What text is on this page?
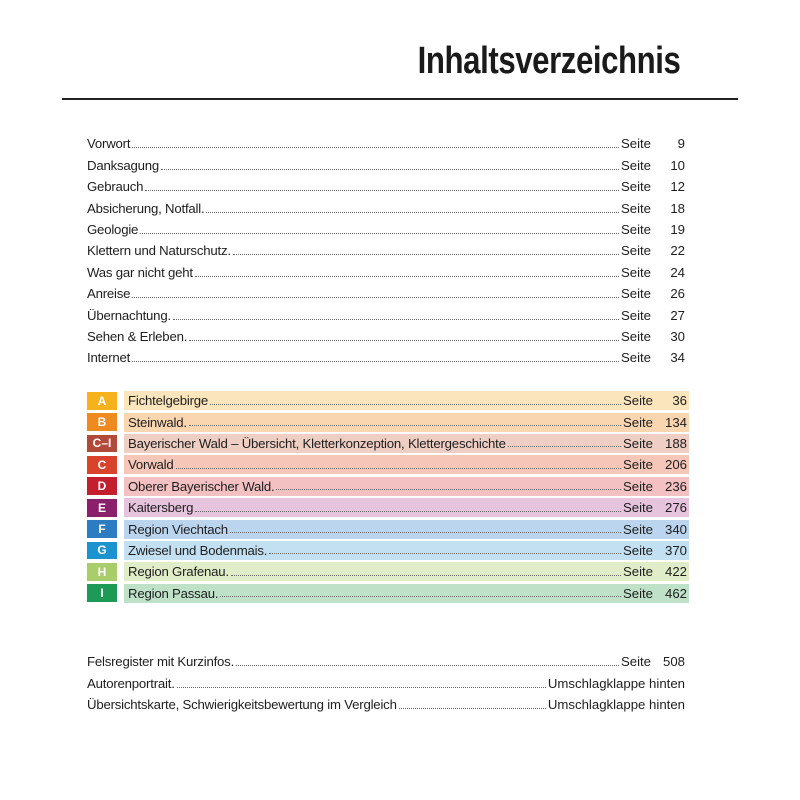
Inhaltsverzeichnis
Vorwort	Seite	9
Danksagung	Seite	10
Gebrauch	Seite	12
Absicherung, Notfall.	Seite	18
Geologie	Seite	19
Klettern und Naturschutz.	Seite	22
Was gar nicht geht	Seite	24
Anreise	Seite	26
Übernachtung.	Seite	27
Sehen & Erleben.	Seite	30
Internet	Seite	34
A	Fichtelgebirge	Seite	36
B	Steinwald.	Seite 134
C–I	Bayerischer Wald – Übersicht, Kletterkonzeption, Klettergeschichte	Seite 188
C	Vorwald	Seite 206
D	Oberer Bayerischer Wald.	Seite 236
E	Kaitersberg	Seite 276
F	Region Viechtach	Seite 340
G	Zwiesel und Bodenmais.	Seite 370
H	Region Grafenau.	Seite 422
I	Region Passau.	Seite 462
Felsregister mit Kurzinfos.	Seite 508
Autorenportrait.	Umschlagklappe hinten
Übersichtskarte, Schwierigkeitsbewertung im Vergleich	Umschlagklappe hinten
